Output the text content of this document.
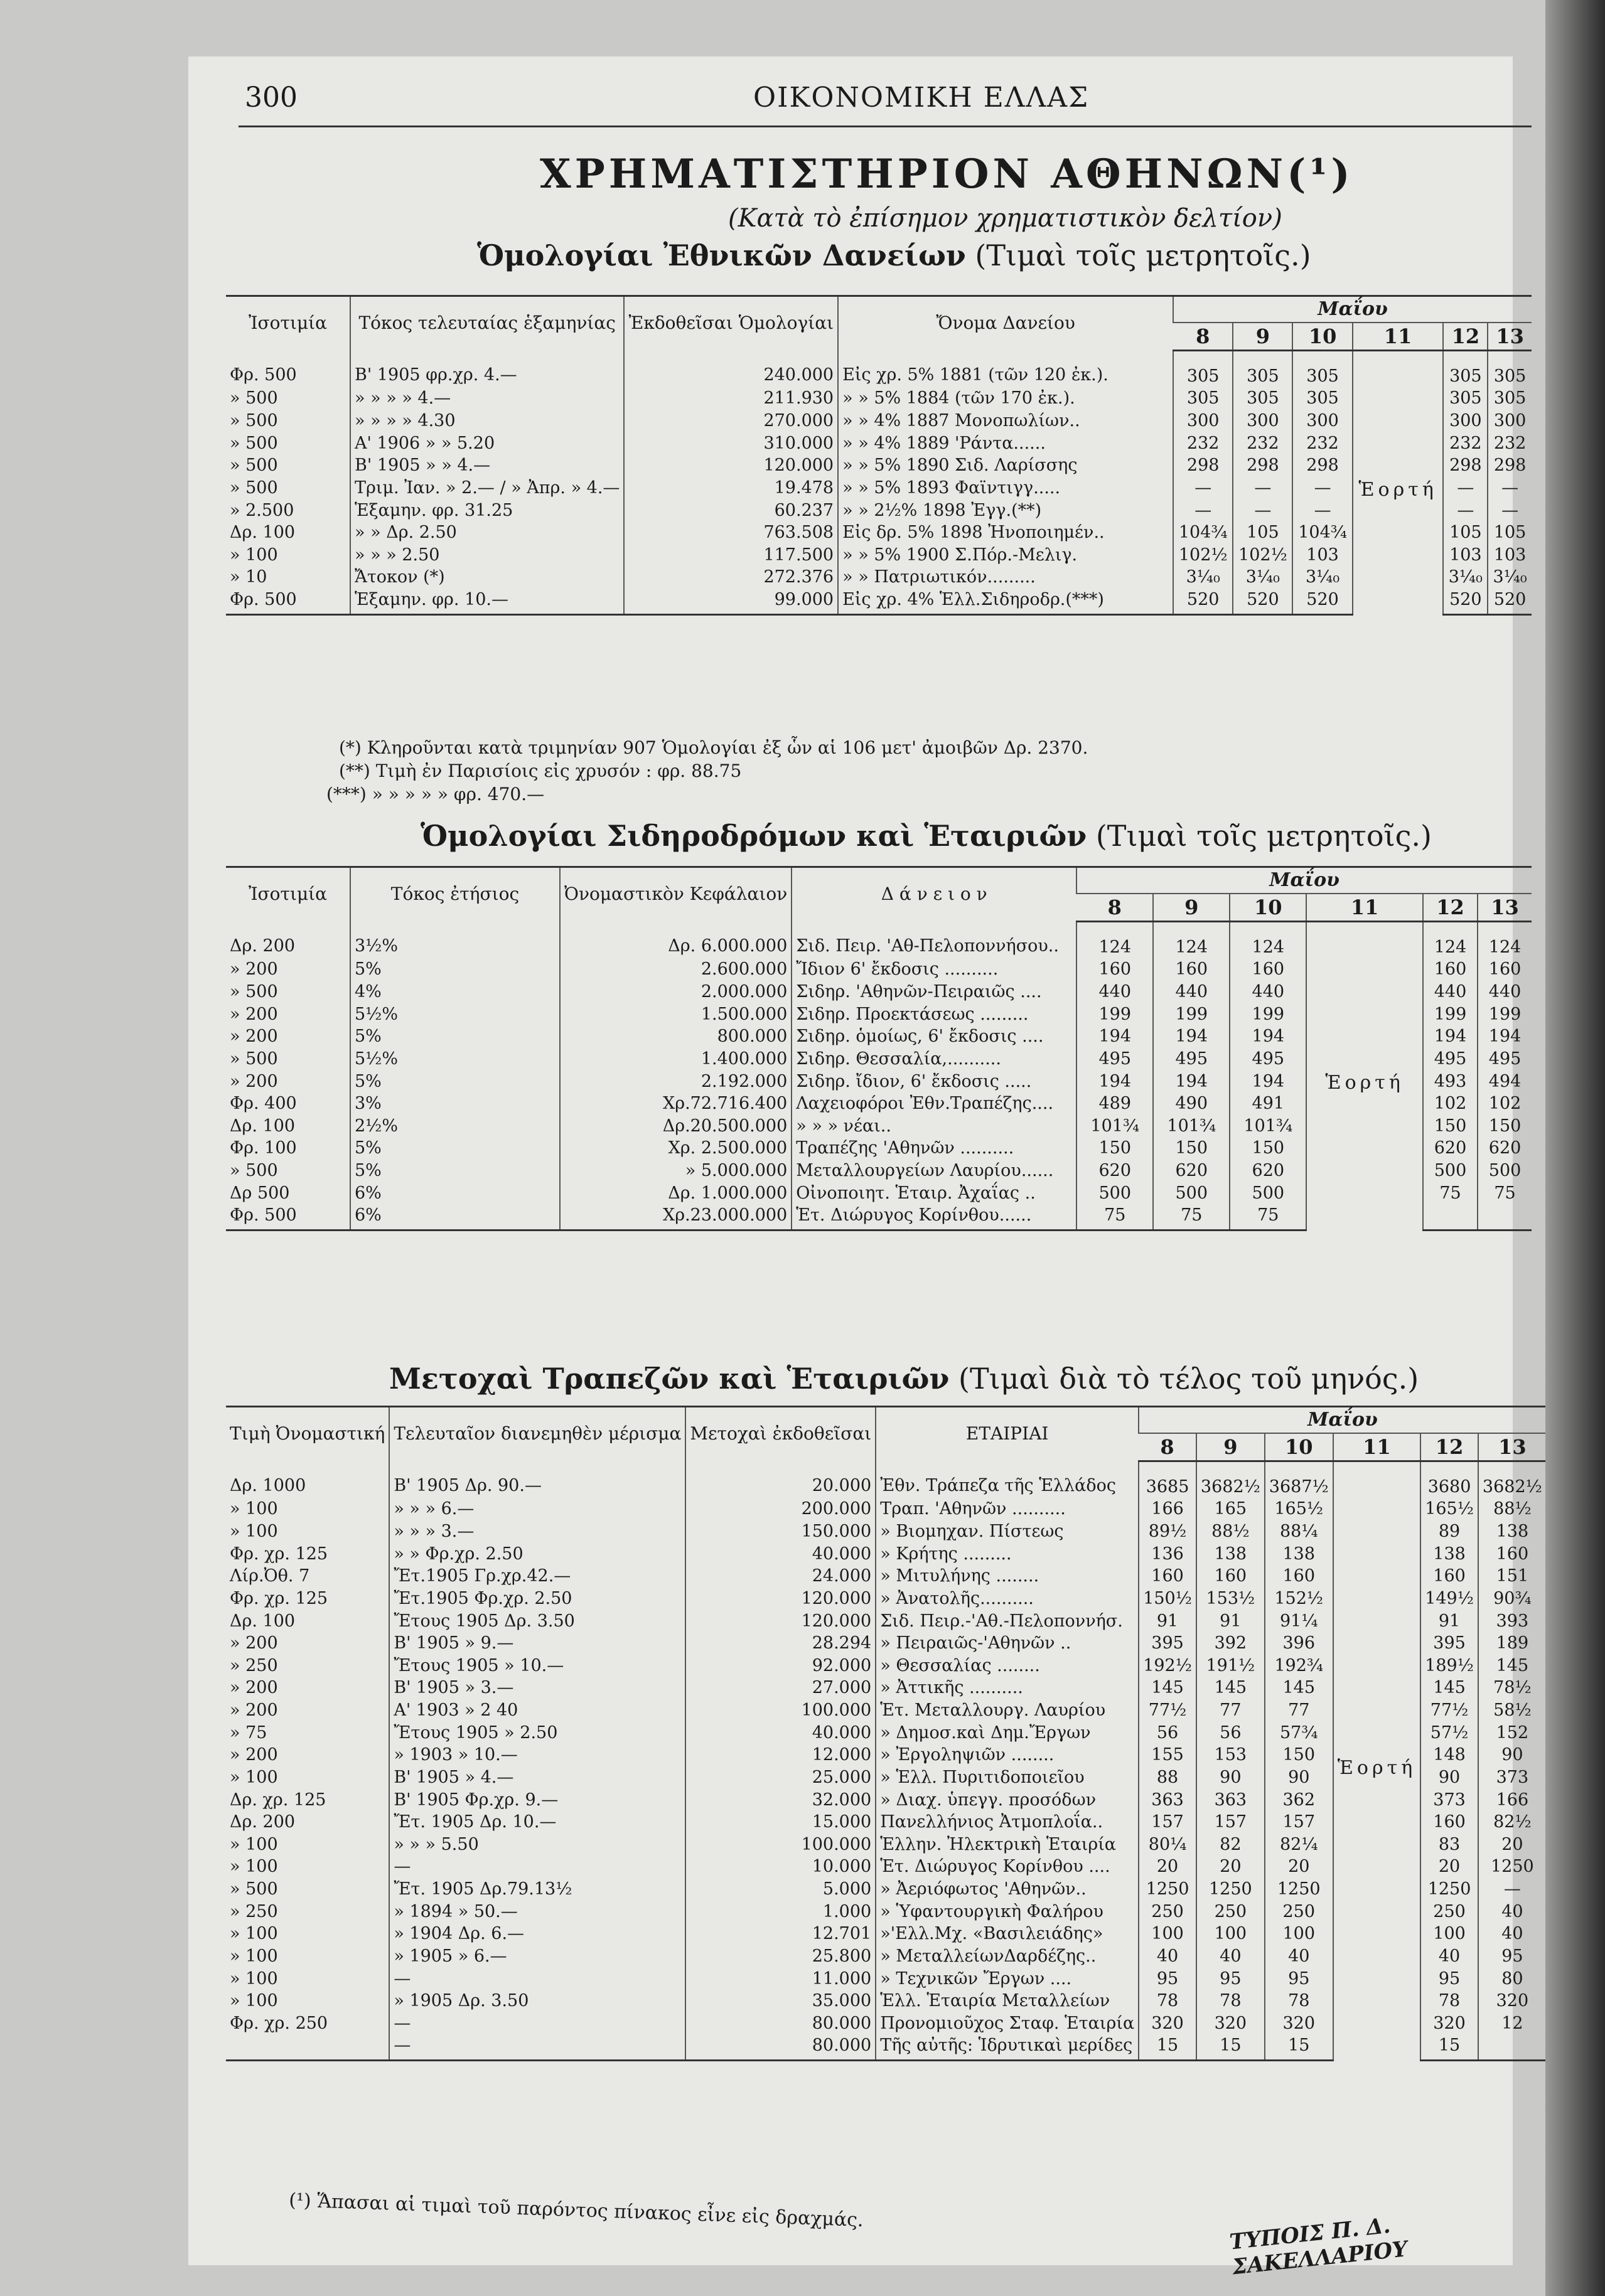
300	ΟΙΚΟΝΟΜΙΚΗ ΕΛΛΑΣ
ΧΡΗΜΑΤΙΣΤΗΡΙΟΝ ΑΘΗΝΩΝ(¹)
(Κατὰ τὸ ἐπίσημον χρηματιστικὸν δελτίον)
Ὁμολογίαι Ἐθνικῶν Δανείων (Τιμαὶ τοῖς μετρητοῖς.)
Ἰσοτιμία	Τόκος τελευταίας ἑξαμηνίας	Ἐκδοθεῖσαι Ὁμολογίαι	Ὄνομα Δανείου	Μαΐου					
				8	9	10	11	12	13
Φρ. 500	Β' 1905 φρ.χρ. 4.—	240.000	Εἰς χρ. 5% 1881 (τῶν 120 ἐκ.).	305	305	305	Ἑορτή	305	305
» 500	» » » » 4.—	211.930	» » 5% 1884 (τῶν 170 ἐκ.).	305	305	305		305	305
» 500	» » » » 4.30	270.000	» » 4% 1887 Μονοπωλίων..	300	300	300		300	300
» 500	Α' 1906 » » 5.20	310.000	» » 4% 1889 'Ράντα......	232	232	232		232	232
» 500	Β' 1905 » » 4.—	120.000	» » 5% 1890 Σιδ. Λαρίσσης	298	298	298		298	298
» 500	Τριμ. Ἰαν. » 2.— / » Ἀπρ. » 4.—	19.478	» » 5% 1893 Φαϊντιγγ.....	—	—	—		—	—
» 2.500	Ἑξαμην. φρ. 31.25	60.237	» » 2½% 1898 Ἐγγ.(**)	—	—	—		—	—
Δρ. 100	» » Δρ. 2.50	763.508	Εἰς δρ. 5% 1898 Ἠνοποιημέν..	104¾	105	104¾		105	105
» 100	» » » 2.50	117.500	» » 5% 1900 Σ.Πόρ.-Μελιγ.	102½	102½	103		103	103
» 10	Ἄτοκον (*)	272.376	» » Πατριωτικόν.........	3¼₀	3¼₀	3¼₀		3¼₀	3¼₀
Φρ. 500	Ἑξαμην. φρ. 10.—	99.000	Εἰς χρ. 4% Ἑλλ.Σιδηροδρ.(***)	520	520	520		520	520
(*) Κληροῦνται κατὰ τριμηνίαν 907 Ὁμολογίαι ἐξ ὧν αἱ 106 μετ' ἀμοιβῶν Δρ. 2370.
(**) Τιμὴ ἐν Παρισίοις εἰς χρυσόν : φρ. 88.75
(***) » » » » » φρ. 470.—
Ὁμολογίαι Σιδηροδρόμων καὶ Ἑταιριῶν (Τιμαὶ τοῖς μετρητοῖς.)
Ἰσοτιμία	Τόκος ἐτήσιος	Ὀνομαστικὸν Κεφάλαιον	Δ ά ν ε ι ο ν	Μαΐου					
				8	9	10	11	12	13
Δρ. 200	3½%	Δρ. 6.000.000	Σιδ. Πειρ. 'Αθ-Πελοποννήσου..	124	124	124	Ἑορτή	124	124
» 200	5%	2.600.000	Ἴδιον 6' ἔκδοσις ..........	160	160	160		160	160
» 500	4%	2.000.000	Σιδηρ. 'Αθηνῶν-Πειραιῶς ....	440	440	440		440	440
» 200	5½%	1.500.000	Σιδηρ. Προεκτάσεως .........	199	199	199		199	199
» 200	5%	800.000	Σιδηρ. ὁμοίως, 6' ἔκδοσις ....	194	194	194		194	194
» 500	5½%	1.400.000	Σιδηρ. Θεσσαλία,..........	495	495	495		495	495
» 200	5%	2.192.000	Σιδηρ. ἴδιον, 6' ἔκδοσις .....	194	194	194		493	494
Φρ. 400	3%	Χρ.72.716.400	Λαχειοφόροι Ἐθν.Τραπέζης....	489	490	491		102	102
Δρ. 100	2½%	Δρ.20.500.000	» » » νέαι..	101¾	101¾	101¾		150	150
Φρ. 100	5%	Χρ. 2.500.000	Τραπέζης 'Αθηνῶν ..........	150	150	150		620	620
» 500	5%	» 5.000.000	Μεταλλουργείων Λαυρίου......	620	620	620		500	500
Δρ 500	6%	Δρ. 1.000.000	Οἰνοποιητ. Ἑταιρ. Ἀχαΐας ..	500	500	500		75	75
Φρ. 500	6%	Χρ.23.000.000	Ἑτ. Διώρυγος Κορίνθου......	75	75	75			
Μετοχαὶ Τραπεζῶν καὶ Ἑταιριῶν (Τιμαὶ διὰ τὸ τέλος τοῦ μηνός.)
Τιμὴ Ὀνομαστική	Τελευταῖον διανεμηθὲν μέρισμα	Μετοχαὶ ἐκδοθεῖσαι	ΕΤΑΙΡΙΑΙ	Μαΐου					
				8	9	10	11	12	13
Δρ. 1000	Β' 1905 Δρ. 90.—	20.000	Ἐθν. Τράπεζα τῆς Ἑλλάδος	3685	3682½	3687½	Ἑορτή	3680	3682½
» 100	» » » 6.—	200.000	Τραπ. 'Αθηνῶν ..........	166	165	165½		165½	88½
» 100	» » » 3.—	150.000	» Βιομηχαν. Πίστεως	89½	88½	88¼		89	138
Φρ. χρ. 125	» » Φρ.χρ. 2.50	40.000	» Κρήτης .........	136	138	138		138	160
Λίρ.Ὀθ. 7	Ἔτ.1905 Γρ.χρ.42.—	24.000	» Μιτυλήνης ........	160	160	160		160	151
Φρ. χρ. 125	Ἔτ.1905 Φρ.χρ. 2.50	120.000	» Ἀνατολῆς..........	150½	153½	152½		149½	90¾
Δρ. 100	Ἔτους 1905 Δρ. 3.50	120.000	Σιδ. Πειρ.-'Αθ.-Πελοποννήσ.	91	91	91¼		91	393
» 200	Β' 1905 » 9.—	28.294	» Πειραιῶς-'Αθηνῶν ..	395	392	396		395	189
» 250	Ἔτους 1905 » 10.—	92.000	» Θεσσαλίας ........	192½	191½	192¾		189½	145
» 200	Β' 1905 » 3.—	27.000	» Ἀττικῆς ..........	145	145	145		145	78½
» 200	Α' 1903 » 2 40	100.000	Ἑτ. Μεταλλουργ. Λαυρίου	77½	77	77		77½	58½
» 75	Ἔτους 1905 » 2.50	40.000	» Δημοσ.καὶ Δημ.Ἔργων	56	56	57¾		57½	152
» 200	» 1903 » 10.—	12.000	» Ἐργοληψιῶν ........	155	153	150		148	90
» 100	Β' 1905 » 4.—	25.000	» Ἑλλ. Πυριτιδοποιεῖου	88	90	90		90	373
Δρ. χρ. 125	Β' 1905 Φρ.χρ. 9.—	32.000	» Διαχ. ὑπεγγ. προσόδων	363	363	362		373	166
Δρ. 200	Ἔτ. 1905 Δρ. 10.—	15.000	Πανελλήνιος Ἀτμοπλοΐα..	157	157	157		160	82½
» 100	» » » 5.50	100.000	Ἑλλην. Ἠλεκτρικὴ Ἑταιρία	80¼	82	82¼		83	20
» 100	—	10.000	Ἑτ. Διώρυγος Κορίνθου ....	20	20	20		20	1250
» 500	Ἔτ. 1905 Δρ.79.13½	5.000	» Ἀεριόφωτος 'Αθηνῶν..	1250	1250	1250		1250	—
» 250	» 1894 » 50.—	1.000	» Ὑφαντουργικὴ Φαλήρου	250	250	250		250	40
» 100	» 1904 Δρ. 6.—	12.701	»'Ελλ.Μχ. «Βασιλειάδης»	100	100	100		100	40
» 100	» 1905 » 6.—	25.800	» ΜεταλλείωνΔαρδέζης..	40	40	40		40	95
» 100	—	11.000	» Τεχνικῶν Ἔργων ....	95	95	95		95	80
» 100	» 1905 Δρ. 3.50	35.000	Ἑλλ. Ἑταιρία Μεταλλείων	78	78	78		78	320
Φρ. χρ. 250	—	80.000	Προνομιοῦχος Σταφ. Ἑταιρία	320	320	320		320	12
	—	80.000	Τῆς αὐτῆς: Ἱδρυτικαὶ μερίδες	15	15	15		15	
(¹) Ἅπασαι αἱ τιμαὶ τοῦ παρόντος πίνακος εἶνε εἰς δραχμάς.
ΤΥΠΟΙΣ Π. Δ. ΣΑΚΕΛΛΑΡΙΟΥ
